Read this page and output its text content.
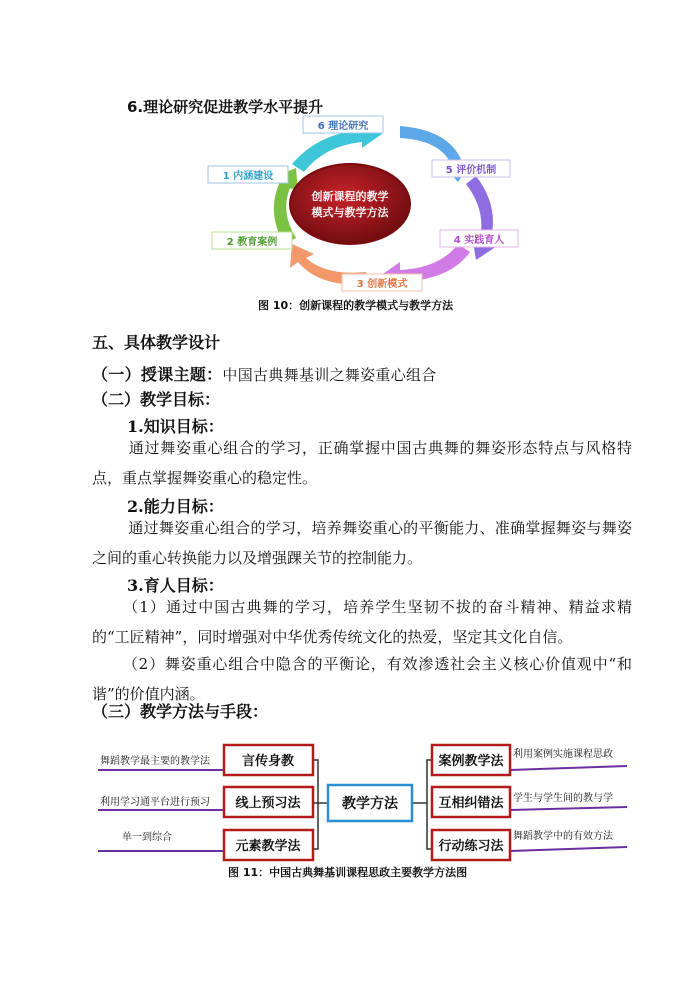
6.理论研究促进教学水平提升
创新课程的教学
模式与教学方法
6 理论研究
1 内涵建设
2 教育案例
3 创新模式
4 实践育人
5 评价机制
图 10：创新课程的教学模式与教学方法
五、具体教学设计
（一）授课主题：中国古典舞基训之舞姿重心组合
（二）教学目标：
1.知识目标：
通过舞姿重心组合的学习，正确掌握中国古典舞的舞姿形态特点与风格特点，重点掌握舞姿重心的稳定性。
2.能力目标：
通过舞姿重心组合的学习，培养舞姿重心的平衡能力、准确掌握舞姿与舞姿之间的重心转换能力以及增强踝关节的控制能力。
3.育人目标：
（1）通过中国古典舞的学习，培养学生坚韧不拔的奋斗精神、精益求精的“工匠精神”，同时增强对中华优秀传统文化的热爱，坚定其文化自信。
（2）舞姿重心组合中隐含的平衡论，有效渗透社会主义核心价值观中“和谐”的价值内涵。
（三）教学方法与手段：
舞蹈教学最主要的教学法
利用学习通平台进行预习
单一到综合
利用案例实施课程思政
学生与学生间的教与学
舞蹈教学中的有效方法
言传身教
线上预习法
元素教学法
教学方法
案例教学法
互相纠错法
行动练习法
图 11：中国古典舞基训课程思政主要教学方法图
